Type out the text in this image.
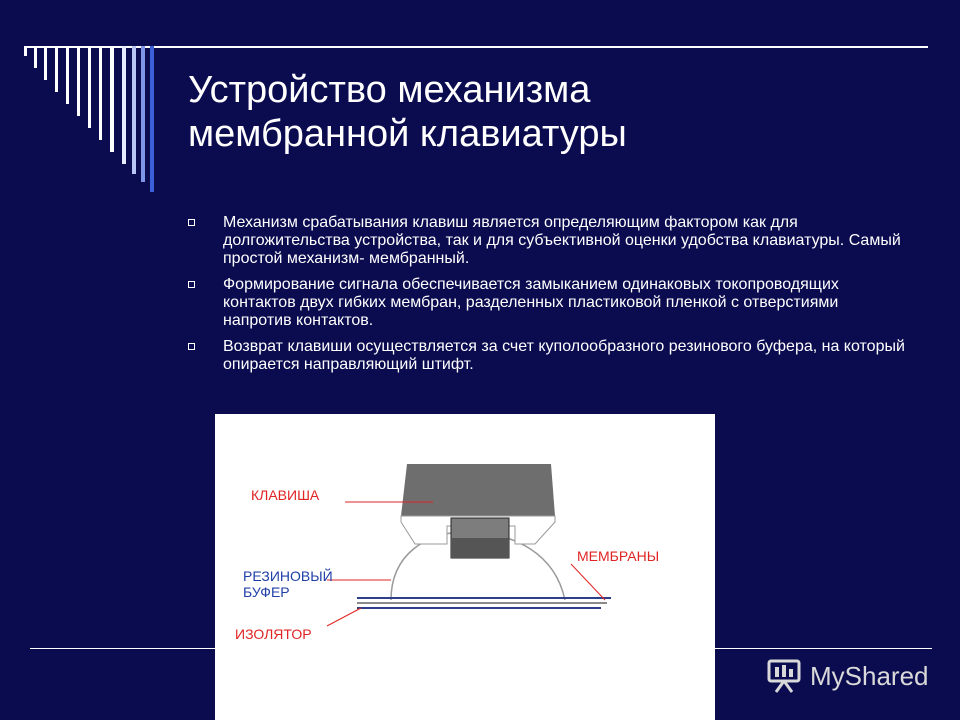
Устройство механизма
мембранной клавиатуры
Механизм срабатывания клавиш является определяющим фактором как для долгожительства устройства, так и для субъективной оценки удобства клавиатуры. Самый простой механизм- мембранный.
Формирование сигнала обеспечивается замыканием одинаковых токопроводящих контактов двух гибких мембран, разделенных пластиковой пленкой с отверстиями напротив контактов.
Возврат клавиши осуществляется за счет куполообразного резинового буфера, на который опирается направляющий штифт.
КЛАВИША
РЕЗИНОВЫЙ
БУФЕР
ИЗОЛЯТОР
МЕМБРАНЫ
MyShared
